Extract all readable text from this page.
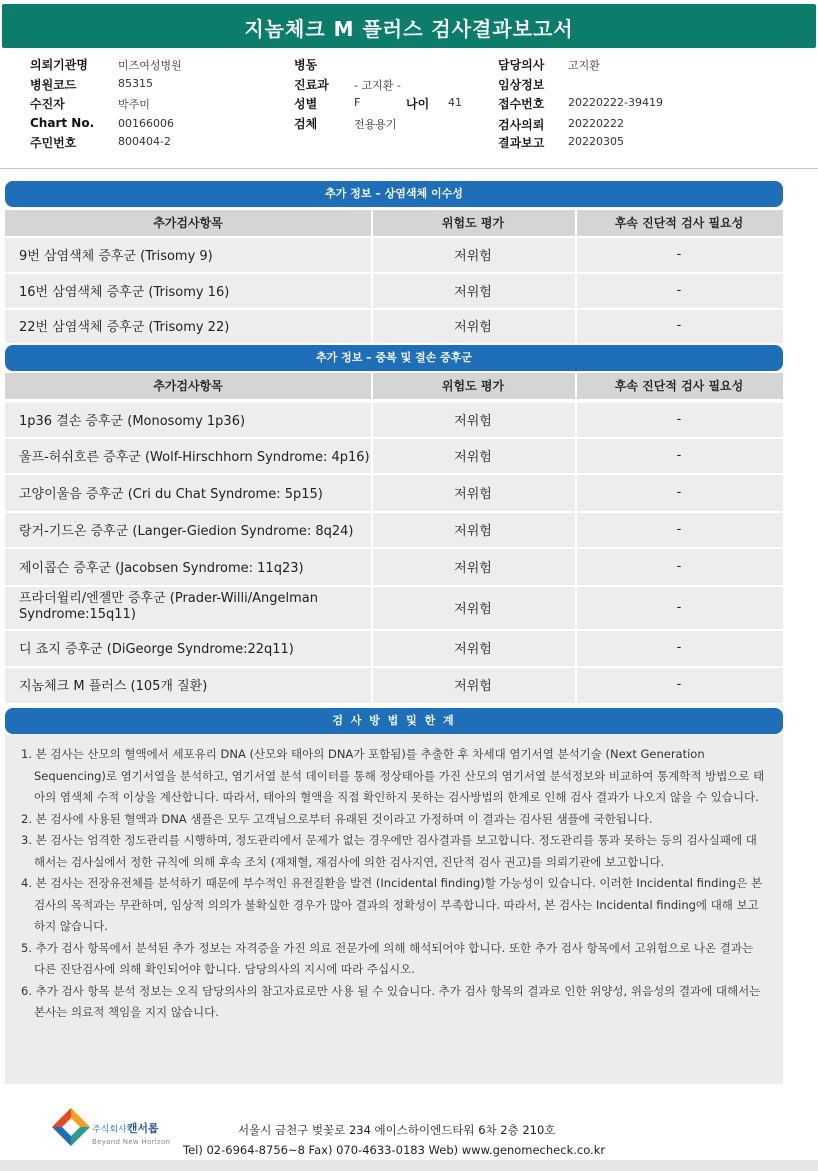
지놈체크 M 플러스 검사결과보고서
의뢰기관명	미즈여성병원
병원코드	85315
수진자	박주미
Chart No. 00166006
주민번호	800404-2
병동
진료과 - 고지환 -
성별	F	나이 41
검체	전용용기
담당의사 고지환
임상정보
접수번호 20220222-39419
검사의뢰 20220222
결과보고 20220305
추가 정보 – 상염색체 이수성
추가검사항목	위험도 평가	후속 진단적 검사 필요성
9번 삼염색체 증후군 (Trisomy 9)	저위험	-
16번 삼염색체 증후군 (Trisomy 16)	저위험	-
22번 삼염색체 증후군 (Trisomy 22)	저위험	-
추가 정보 – 중복 및 결손 증후군
추가검사항목	위험도 평가	후속 진단적 검사 필요성
1p36 결손 증후군 (Monosomy 1p36)	저위험	-
울프-허쉬호른 증후군 (Wolf-Hirschhorn Syndrome: 4p16)	저위험	-
고양이울음 증후군 (Cri du Chat Syndrome: 5p15)	저위험	-
랑거-기드온 증후군 (Langer-Giedion Syndrome: 8q24)	저위험	-
제이콥슨 증후군 (Jacobsen Syndrome: 11q23)	저위험	-
프라더윌리/엔젤만 증후군 (Prader-Willi/Angelman Syndrome:15q11)	저위험	-
디 죠지 증후군 (DiGeorge Syndrome:22q11)	저위험	-
지놈체크 M 플러스 (105개 질환)	저위험	-
검 사 방 법 및 한 계
1. 본 검사는 산모의 혈액에서 세포유리 DNA (산모와 태아의 DNA가 포함됨)를 추출한 후 차세대 염기서열 분석기술 (Next Generation Sequencing)로 염기서열을 분석하고, 염기서열 분석 데이터를 통해 정상태아를 가진 산모의 염기서열 분석정보와 비교하여 통계학적 방법으로 태아의 염색체 수적 이상을 계산합니다. 따라서, 태아의 혈액을 직접 확인하지 못하는 검사방법의 한계로 인해 검사 결과가 나오지 않을 수 있습니다.
2. 본 검사에 사용된 혈액과 DNA 샘플은 모두 고객님으로부터 유래된 것이라고 가정하며 이 결과는 검사된 샘플에 국한됩니다.
3. 본 검사는 엄격한 정도관리를 시행하며, 정도관리에서 문제가 없는 경우에만 검사결과를 보고합니다. 정도관리를 통과 못하는 등의 검사실패에 대해서는 검사실에서 정한 규칙에 의해 후속 조치 (재채혈, 재검사에 의한 검사지연, 진단적 검사 권고)를 의뢰기관에 보고합니다.
4. 본 검사는 전장유전체를 분석하기 때문에 부수적인 유전질환을 발견 (Incidental finding)할 가능성이 있습니다. 이러한 Incidental finding은 본 검사의 목적과는 무관하며, 임상적 의의가 불확실한 경우가 많아 결과의 정확성이 부족합니다. 따라서, 본 검사는 Incidental finding에 대해 보고하지 않습니다.
5. 추가 검사 항목에서 분석된 추가 정보는 자격증을 가진 의료 전문가에 의해 해석되어야 합니다. 또한 추가 검사 항목에서 고위험으로 나온 결과는 다른 진단검사에 의해 확인되어야 합니다. 담당의사의 지시에 따라 주십시오.
6. 추가 검사 항목 분석 정보는 오직 담당의사의 참고자료로만 사용 될 수 있습니다. 추가 검사 항목의 결과로 인한 위양성, 위음성의 결과에 대해서는 본사는 의료적 책임을 지지 않습니다.
주식회사캔서롭
Beyond New Horizon
서울시 금천구 벚꽃로 234 에이스하이엔드타워 6차 2층 210호
Tel) 02-6964-8756~8 Fax) 070-4633-0183 Web) www.genomecheck.co.kr
